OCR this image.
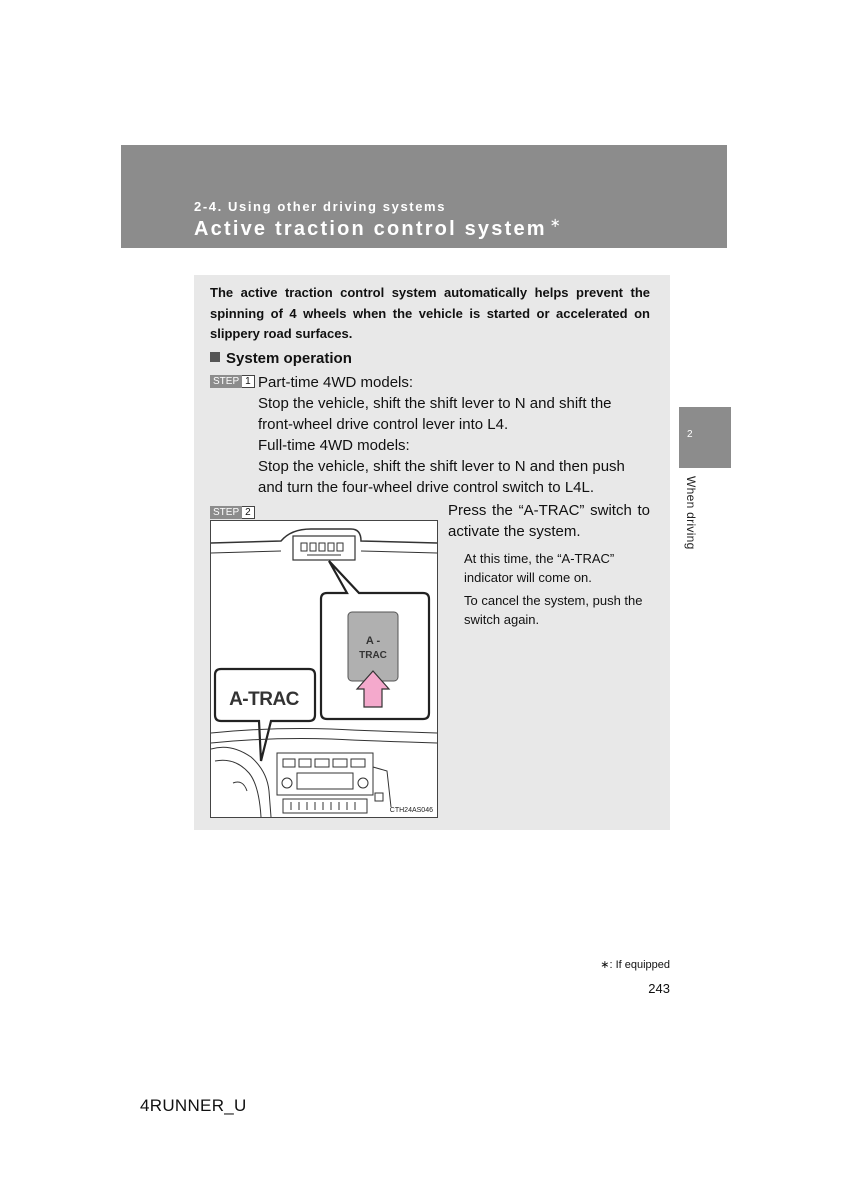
2-4. Using other driving systems
Active traction control system ∗
2
When driving
The active traction control system automatically helps prevent the spinning of 4 wheels when the vehicle is started or accelerated on slippery road surfaces.
System operation
STEP 1 Part-time 4WD models:
Stop the vehicle, shift the shift lever to N and shift the front-wheel drive control lever into L4.
Full-time 4WD models:
Stop the vehicle, shift the shift lever to N and then push and turn the four-wheel drive control switch to L4L.
STEP 2	Press the “A-TRAC” switch to activate the system.
At this time, the “A-TRAC” indicator will come on.
To cancel the system, push the switch again.
A -
TRAC
A-TRAC
CTH24AS046
∗: If equipped
243
4RUNNER_U
